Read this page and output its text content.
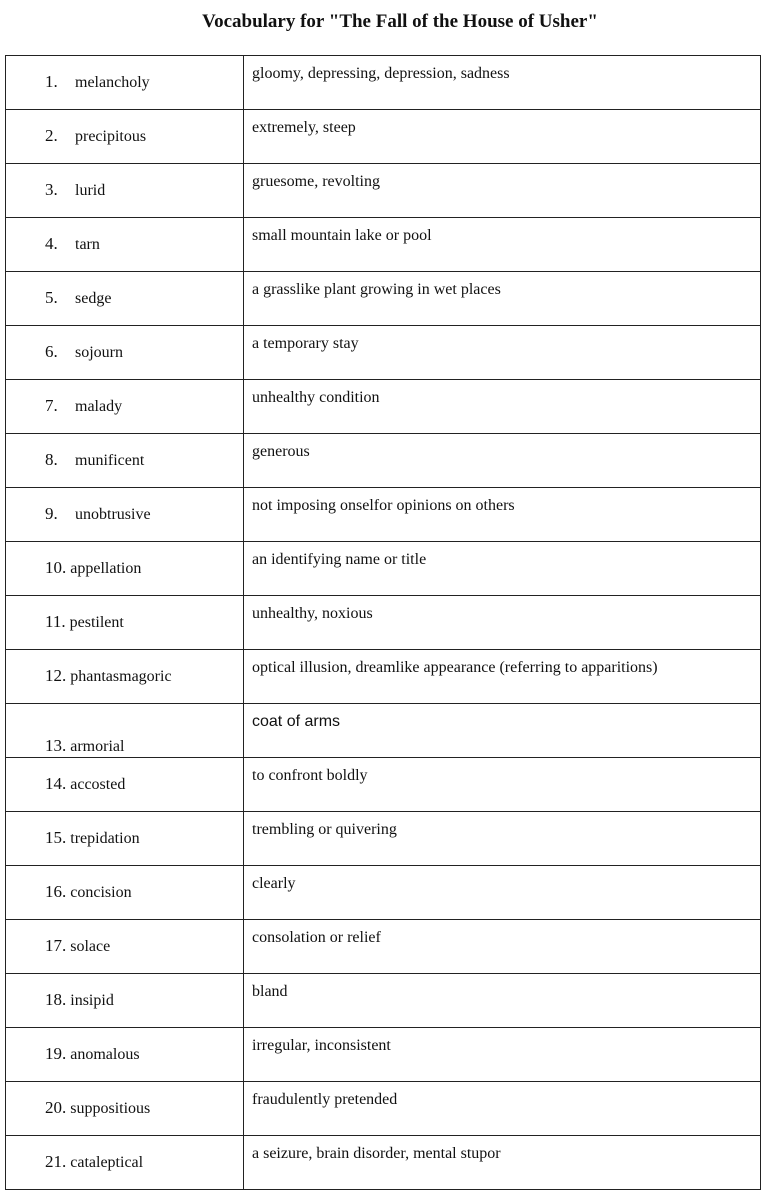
Vocabulary for "The Fall of the House of Usher"
1. melancholy	gloomy, depressing, depression, sadness
2. precipitous	extremely, steep
3. lurid	gruesome, revolting
4. tarn	small mountain lake or pool
5. sedge	a grasslike plant growing in wet places
6. sojourn	a temporary stay
7. malady	unhealthy condition
8. munificent	generous
9. unobtrusive	not imposing onselfor opinions on others
10. appellation	an identifying name or title
11. pestilent	unhealthy, noxious
12. phantasmagoric	optical illusion, dreamlike appearance (referring to apparitions)
13. armorial	coat of arms
14. accosted	to confront boldly
15. trepidation	trembling or quivering
16. concision	clearly
17. solace	consolation or relief
18. insipid	bland
19. anomalous	irregular, inconsistent
20. suppositious	fraudulently pretended
21. cataleptical	a seizure, brain disorder, mental stupor
